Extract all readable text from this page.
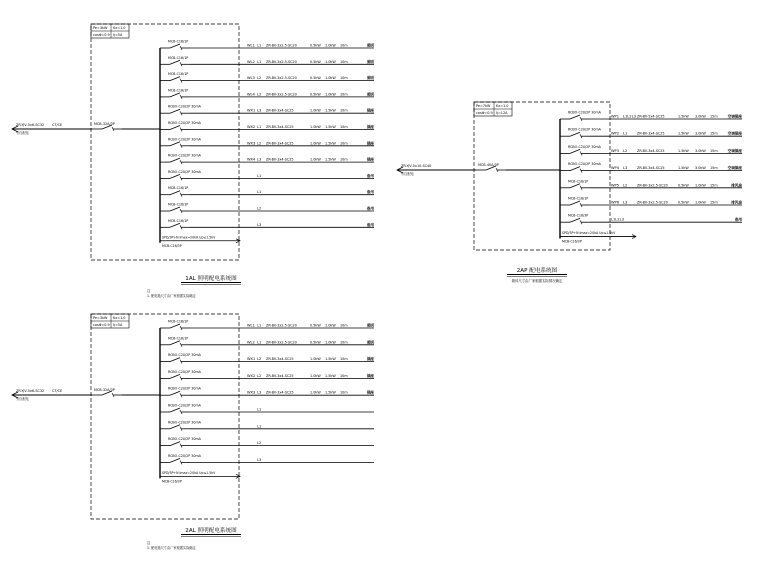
Pe=3kW Kx=1.0
cosΦ=0.9 Ij=5A
ZR-YJV-5x6-SC32 CT/CE
引自配电
MCB-32A/3P
MCB-C16/1P
WL1 L1 ZR-BV-3x2.5-SC20	0.5kW 1.0kW 10m	照明
MCB-C16/1P
WL2 L1 ZR-BV-3x2.5-SC20	0.5kW 1.0kW 10m	照明
MCB-C16/1P
WL3 L2 ZR-BV-3x2.5-SC20	0.5kW 1.0kW 10m	照明
MCB-C16/1P
WL4 L2 ZR-BV-3x2.5-SC20	0.5kW 1.0kW 10m	照明
RCBO-C20/2P 30mA
WX1 L3 ZR-BV-3x4-SC25	1.0kW 1.5kW 10m	插座
RCBO-C20/2P 30mA
WX2 L1 ZR-BV-3x4-SC25	1.0kW 1.5kW 10m	插座
RCBO-C20/2P 30mA
WX3 L2 ZR-BV-3x4-SC25	1.0kW 1.5kW 10m	插座
RCBO-C20/2P 30mA
WX4 L3 ZR-BV-3x4-SC25	1.0kW 1.5kW 10m	插座
RCBO-C20/2P 30mA
L1	备用
MCB-C16/1P
L1	备用
MCB-C16/1P
L2	备用
MCB-C16/1P
L3	备用
SPD/3P+N Imax=20kA Up≤1.5kV
MCB-C16/3P
1AL 照明配电系统图
注
1. 配电箱尺寸由厂家根据实际确定
Pe=3kW Kx=1.0
cosΦ=0.9 Ij=5A
ZR-YJV-5x6-SC32 CT/CE
引自配电
MCB-32A/3P
MCB-C16/1P
WL1 L1 ZR-BV-3x2.5-SC20	0.5kW 1.0kW 10m	照明
MCB-C16/1P
WL2 L1 ZR-BV-3x2.5-SC20	0.5kW 1.0kW 10m	照明
RCBO-C20/2P 30mA
WX1 L2 ZR-BV-3x4-SC25	1.0kW 1.5kW 10m	插座
RCBO-C20/2P 30mA
WX2 L2 ZR-BV-3x4-SC25	1.0kW 1.5kW 10m	插座
RCBO-C20/2P 30mA
WX3 L3 ZR-BV-3x4-SC25	1.0kW 1.5kW 10m	插座
RCBO-C20/2P 30mA
L1
RCBO-C20/2P 30mA
L1
RCBO-C20/2P 30mA
L2
RCBO-C20/2P 30mA
L3
SPD/3P+N Imax=20kA Up≤1.5kV
MCB-C16/3P
2AL 照明配电系统图
注
1. 配电箱尺寸由厂家根据实际确定
Pe=7kW Kx=1.0
cosΦ=0.9 Ij=12A
ZR-YJV-5x10-SC40
引自配电
MCB-40A/3P
RCBO-C20/2P 30mA
WP1 L1L2L3 ZR-BV-5x4-SC25	1.5kW 3.0kW 15m	空调插座
RCBO-C20/2P 30mA
WP2 L1	ZR-BV-3x4-SC25	1.5kW 3.0kW 15m	空调插座
RCBO-C20/2P 30mA
WP3 L2	ZR-BV-3x4-SC25	1.5kW 3.0kW 15m	空调插座
RCBO-C20/2P 30mA
WP4 L3	ZR-BV-3x4-SC25	1.5kW 3.0kW 15m	空调插座
MCB-C16/1P
WP5 L2	ZR-BV-3x2.5-SC20	0.5kW 1.0kW 15m	排风扇
MCB-C16/1P
WP6 L3	ZR-BV-3x2.5-SC20	0.5kW 1.0kW 15m	排风扇
MCB-C16/3P
L1L2L3	备用
SPD/3P+N Imax=20kA Up≤1.5kV
MCB-C16/3P
2AP 配电系统图
箱体尺寸由厂家根据实际情况确定
